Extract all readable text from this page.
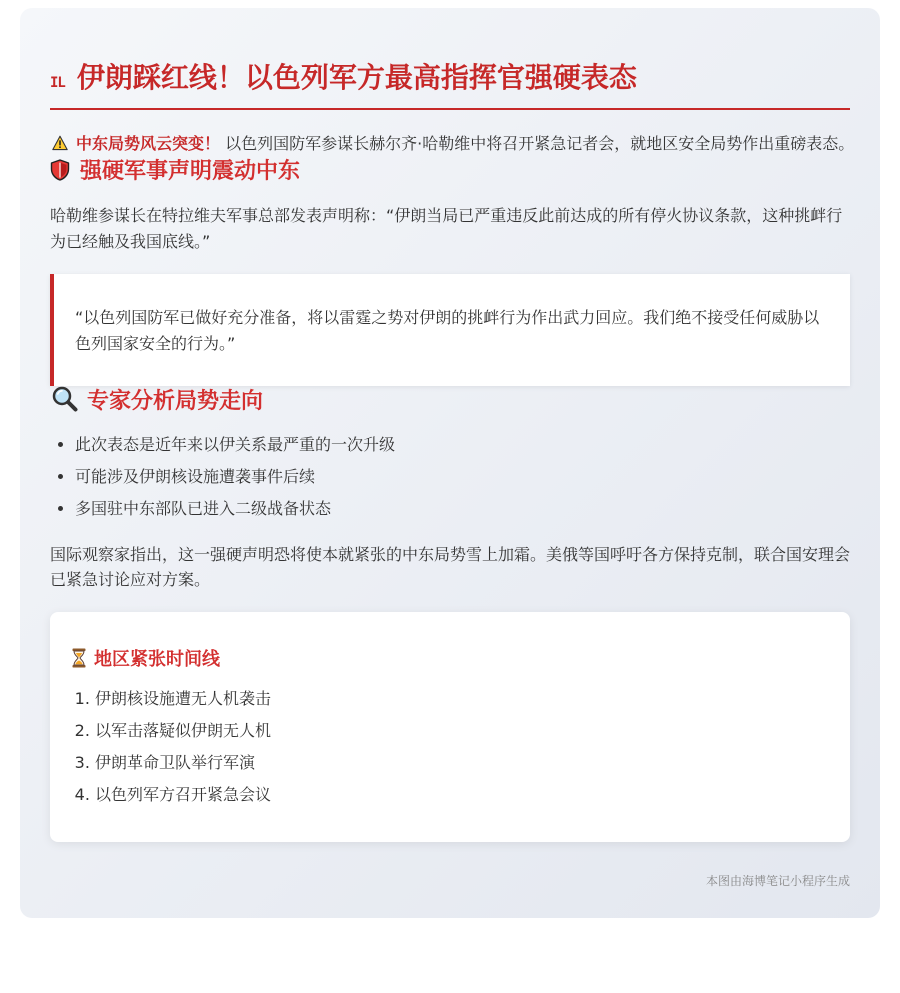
IL 伊朗踩红线！以色列军方最高指挥官强硬表态

中东局势风云突变！ 以色列国防军参谋长赫尔齐·哈勒维中将召开紧急记者会，就地区安全局势作出重磅表态。

强硬军事声明震动中东

哈勒维参谋长在特拉维夫军事总部发表声明称：“伊朗当局已严重违反此前达成的所有停火协议条款，这种挑衅行为已经触及我国底线。”

“以色列国防军已做好充分准备，将以雷霆之势对伊朗的挑衅行为作出武力回应。我们绝不接受任何威胁以色列国家安全的行为。”

专家分析局势走向
• 此次表态是近年来以伊关系最严重的一次升级
• 可能涉及伊朗核设施遭袭事件后续
• 多国驻中东部队已进入二级战备状态

国际观察家指出，这一强硬声明恐将使本就紧张的中东局势雪上加霜。美俄等国呼吁各方保持克制，联合国安理会已紧急讨论应对方案。

地区紧张时间线
1. 伊朗核设施遭无人机袭击
2. 以军击落疑似伊朗无人机
3. 伊朗革命卫队举行军演
4. 以色列军方召开紧急会议
本图由海博笔记小程序生成
